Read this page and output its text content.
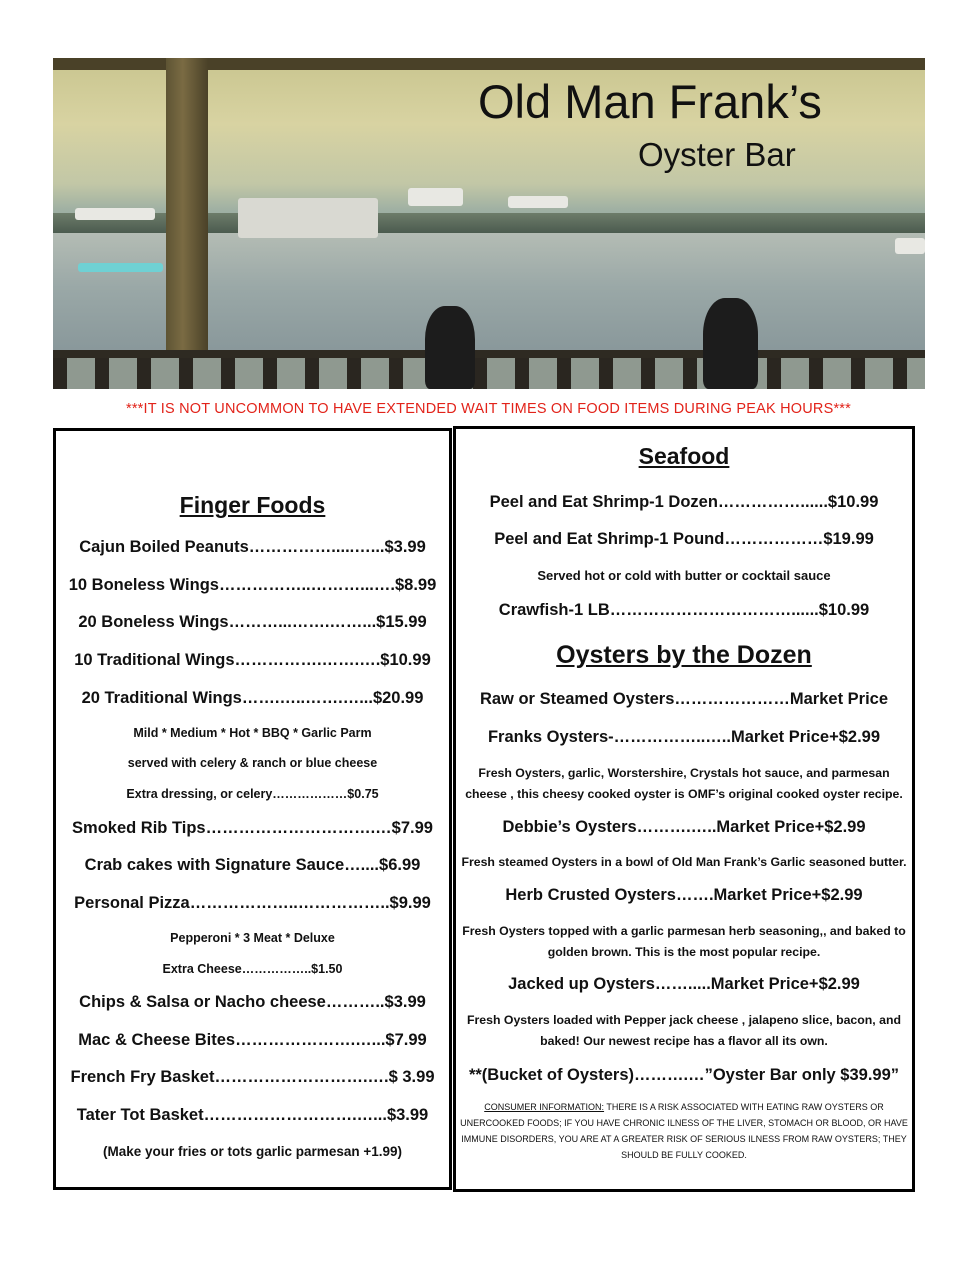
Old Man Frank’s
Oyster Bar
***IT IS NOT UNCOMMON TO HAVE EXTENDED WAIT TIMES ON FOOD ITEMS DURING PEAK HOURS***
Finger Foods
Cajun Boiled Peanuts…………….....…...$3.99
10 Boneless Wings……………..………...….$8.99
20 Boneless Wings………...…….……...$15.99
10 Traditional Wings…………….…….….$10.99
20 Traditional Wings…….…..…….…...$20.99
Mild * Medium * Hot * BBQ * Garlic Parm
served with celery & ranch or blue cheese
Extra dressing, or celery………………$0.75
Smoked Rib Tips………………………….…$7.99
Crab cakes with Signature Sauce…....$6.99
Personal Pizza………………..……………..$9.99
Pepperoni * 3 Meat * Deluxe
Extra Cheese……………..$1.50
Chips & Salsa or Nacho cheese………..$3.99
Mac & Cheese Bites………………….…...$7.99
French Fry Basket……………………….….$ 3.99
Tater Tot Basket……………………….…...$3.99
(Make your fries or tots garlic parmesan +1.99)
Seafood
Peel and Eat Shrimp-1 Dozen……………......$10.99
Peel and Eat Shrimp-1 Pound………………$19.99
Served hot or cold with butter or cocktail sauce
Crawfish-1 LB……………………………......$10.99
Oysters by the Dozen
Raw or Steamed Oysters…………………Market Price
Franks Oysters-……………..…..Market Price+$2.99
Fresh Oysters, garlic, Worstershire, Crystals hot sauce, and parmesan cheese , this cheesy cooked oyster is OMF’s original cooked oyster recipe.
Debbie’s Oysters……….…..Market Price+$2.99
Fresh steamed Oysters in a bowl of Old Man Frank’s Garlic seasoned butter.
Herb Crusted Oysters…….Market Price+$2.99
Fresh Oysters topped with a garlic parmesan herb seasoning,, and baked to golden brown. This is the most popular recipe.
Jacked up Oysters…….....Market Price+$2.99
Fresh Oysters loaded with Pepper jack cheese , jalapeno slice, bacon, and baked! Our newest recipe has a flavor all its own.
**(Bucket of Oysters)……….…”Oyster Bar only $39.99”
CONSUMER INFORMATION: THERE IS A RISK ASSOCIATED WITH EATING RAW OYSTERS OR UNERCOOKED FOODS; IF YOU HAVE CHRONIC ILNESS OF THE LIVER, STOMACH OR BLOOD, OR HAVE IMMUNE DISORDERS, YOU ARE AT A GREATER RISK OF SERIOUS ILNESS FROM RAW OYSTERS; THEY SHOULD BE FULLY COOKED.
